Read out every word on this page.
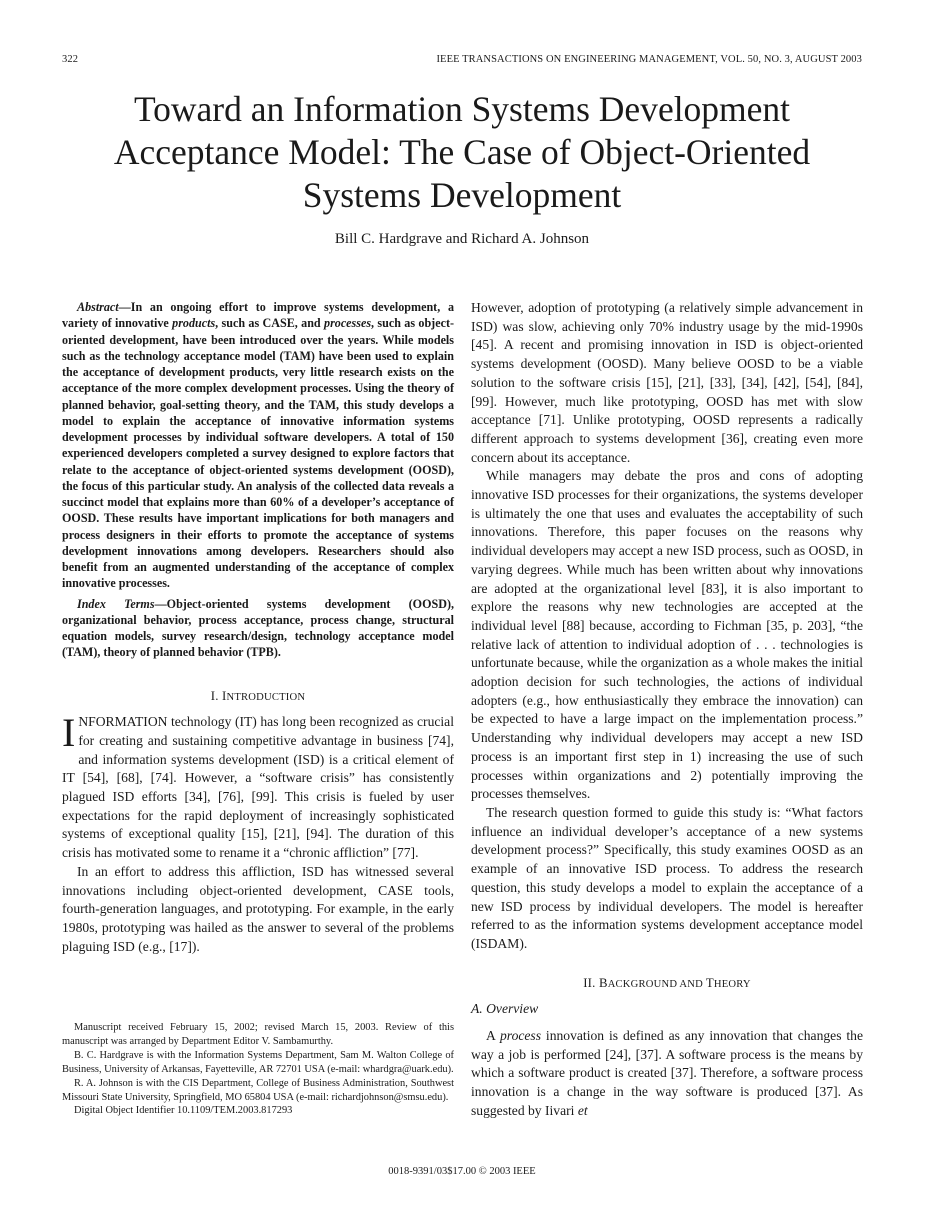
322	IEEE TRANSACTIONS ON ENGINEERING MANAGEMENT, VOL. 50, NO. 3, AUGUST 2003
Toward an Information Systems Development
Acceptance Model: The Case of Object-Oriented
Systems Development
Bill C. Hardgrave and Richard A. Johnson

Abstract—In an ongoing effort to improve systems development, a variety of innovative products, such as CASE, and processes, such as object-oriented development, have been introduced over the years. While models such as the technology acceptance model (TAM) have been used to explain the acceptance of development products, very little research exists on the acceptance of the more complex development processes. Using the theory of planned behavior, goal-setting theory, and the TAM, this study develops a model to explain the acceptance of innovative information systems development processes by individual software developers. A total of 150 experienced developers completed a survey designed to explore factors that relate to the acceptance of object-oriented systems development (OOSD), the focus of this particular study. An analysis of the collected data reveals a succinct model that explains more than 60% of a developer’s acceptance of OOSD. These results have important implications for both managers and process designers in their efforts to promote the acceptance of systems development innovations among developers. Researchers should also benefit from an augmented understanding of the acceptance of complex innovative processes.

Index Terms—Object-oriented systems development (OOSD), organizational behavior, process acceptance, process change, structural equation models, survey research/design, technology acceptance model (TAM), theory of planned behavior (TPB).

I. INTRODUCTION

INFORMATION technology (IT) has long been recognized as crucial for creating and sustaining competitive advantage in business [74], and information systems development (ISD) is a critical element of IT [54], [68], [74]. However, a “software crisis” has consistently plagued ISD efforts [34], [76], [99]. This crisis is fueled by user expectations for the rapid deployment of increasingly sophisticated systems of exceptional quality [15], [21], [94]. The duration of this crisis has motivated some to rename it a “chronic affliction” [77].

In an effort to address this affliction, ISD has witnessed several innovations including object-oriented development, CASE tools, fourth-generation languages, and prototyping. For example, in the early 1980s, prototyping was hailed as the answer to several of the problems plaguing ISD (e.g., [17]).

Manuscript received February 15, 2002; revised March 15, 2003. Review of this manuscript was arranged by Department Editor V. Sambamurthy.

B. C. Hardgrave is with the Information Systems Department, Sam M. Walton College of Business, University of Arkansas, Fayetteville, AR 72701 USA (e-mail: whardgra@uark.edu).

R. A. Johnson is with the CIS Department, College of Business Administration, Southwest Missouri State University, Springfield, MO 65804 USA (e-mail: richardjohnson@smsu.edu).

Digital Object Identifier 10.1109/TEM.2003.817293

However, adoption of prototyping (a relatively simple advancement in ISD) was slow, achieving only 70% industry usage by the mid-1990s [45]. A recent and promising innovation in ISD is object-oriented systems development (OOSD). Many believe OOSD to be a viable solution to the software crisis [15], [21], [33], [34], [42], [54], [84], [99]. However, much like prototyping, OOSD has met with slow acceptance [71]. Unlike prototyping, OOSD represents a radically different approach to systems development [36], creating even more concern about its acceptance.

While managers may debate the pros and cons of adopting innovative ISD processes for their organizations, the systems developer is ultimately the one that uses and evaluates the acceptability of such innovations. Therefore, this paper focuses on the reasons why individual developers may accept a new ISD process, such as OOSD, in varying degrees. While much has been written about why innovations are adopted at the organizational level [83], it is also important to explore the reasons why new technologies are accepted at the individual level [88] because, according to Fichman [35, p. 203], “the relative lack of attention to individual adoption of . . . technologies is unfortunate because, while the organization as a whole makes the initial adoption decision for such technologies, the actions of individual adopters (e.g., how enthusiastically they embrace the innovation) can be expected to have a large impact on the implementation process.” Understanding why individual developers may accept a new ISD process is an important first step in 1) increasing the use of such processes within organizations and 2) potentially improving the processes themselves.

The research question formed to guide this study is: “What factors influence an individual developer’s acceptance of a new systems development process?” Specifically, this study examines OOSD as an example of an innovative ISD process. To address the research question, this study develops a model to explain the acceptance of a new ISD process by individual developers. The model is hereafter referred to as the information systems development acceptance model (ISDAM).

II. BACKGROUND AND THEORY
A. Overview

A process innovation is defined as any innovation that changes the way a job is performed [24], [37]. A software process is the means by which a software product is created [37]. Therefore, a software process innovation is a change in the way software is produced [37]. As suggested by Iivari et

0018-9391/03$17.00 © 2003 IEEE
